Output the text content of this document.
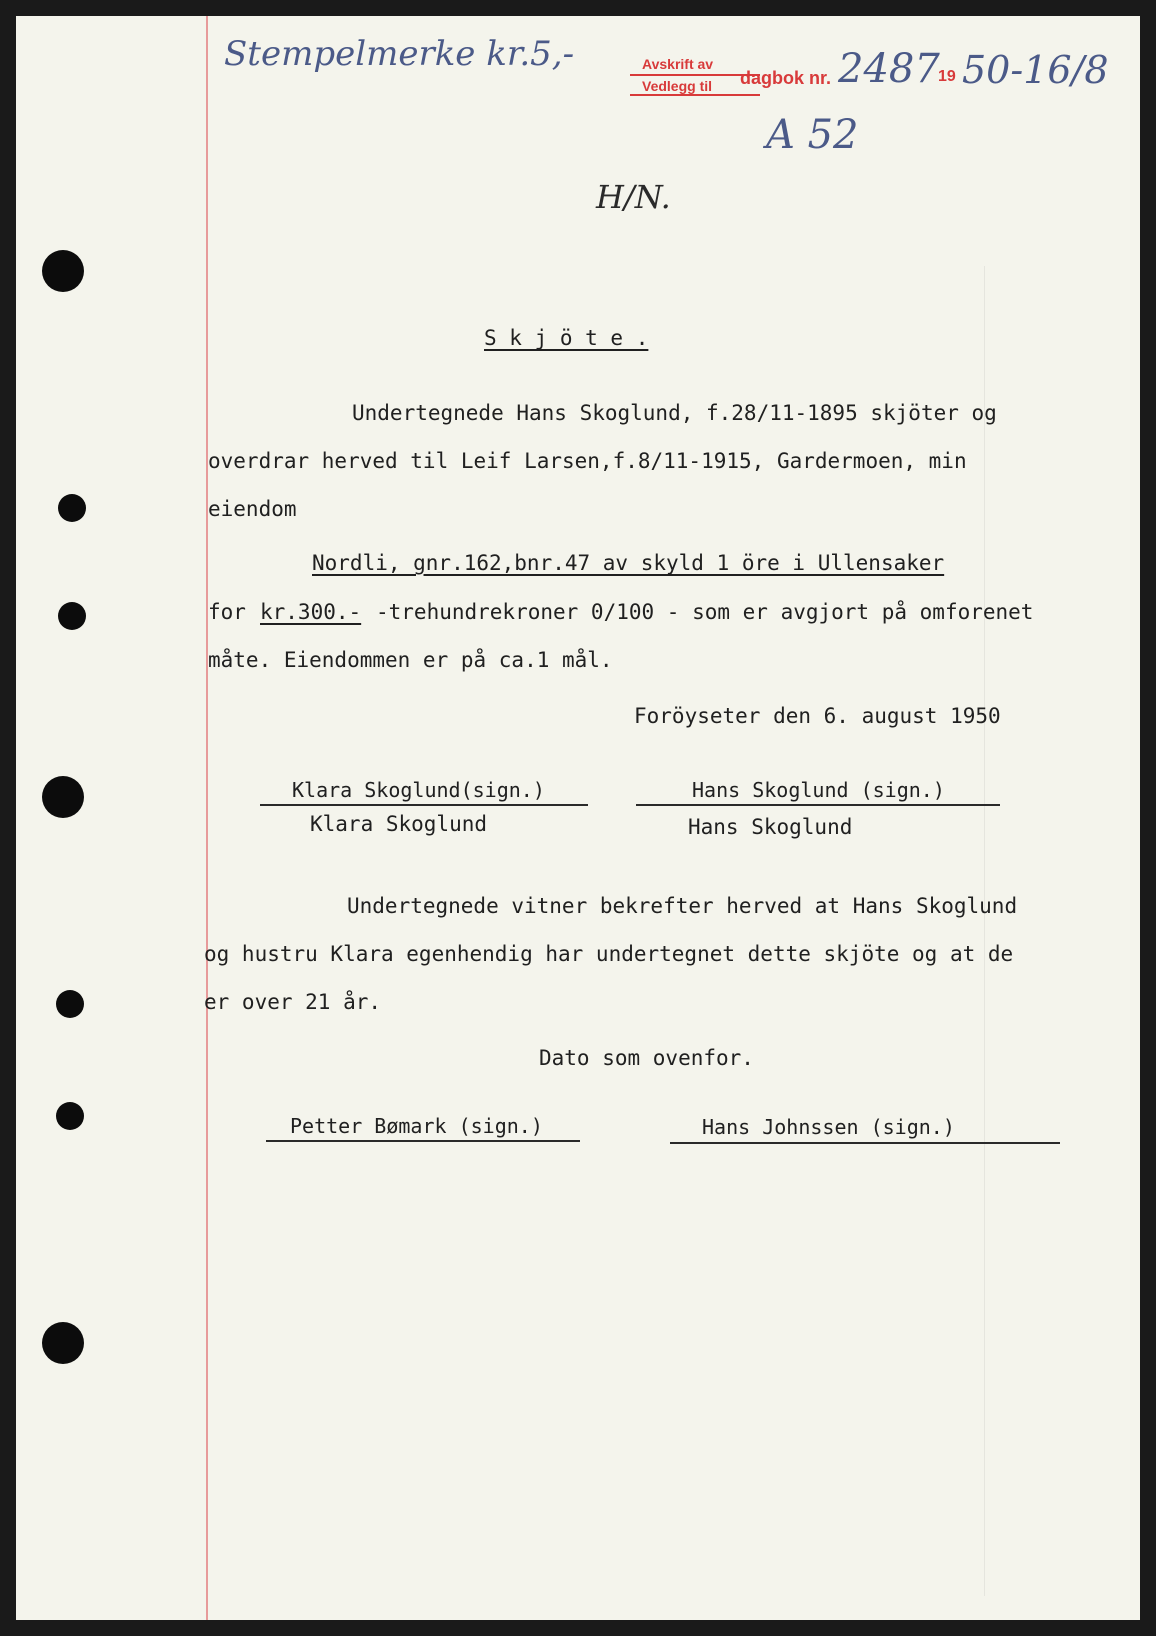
Stempelmerke kr.5,-	Avskrift av
Vedlegg til dagbok nr. 2487
19 50-16/8
A 52
H/N.
S k j ö t e .
Undertegnede Hans Skoglund, f.28/11-1895 skjöter og
overdrar herved til Leif Larsen,f.8/11-1915, Gardermoen, min
eiendom
Nordli, gnr.162,bnr.47 av skyld 1 öre i Ullensaker
for kr.300.- -trehundrekroner 0/100 - som er avgjort på omforenet
måte. Eiendommen er på ca.1 mål.
Foröyseter den 6. august 1950
Klara Skoglund(sign.)
Klara Skoglund
Hans Skoglund (sign.)
Hans Skoglund
Undertegnede vitner bekrefter herved at Hans Skoglund
og hustru Klara egenhendig har undertegnet dette skjöte og at de
er over 21 år.
Dato som ovenfor.
Petter Bømark (sign.)	Hans Johnssen (sign.)
